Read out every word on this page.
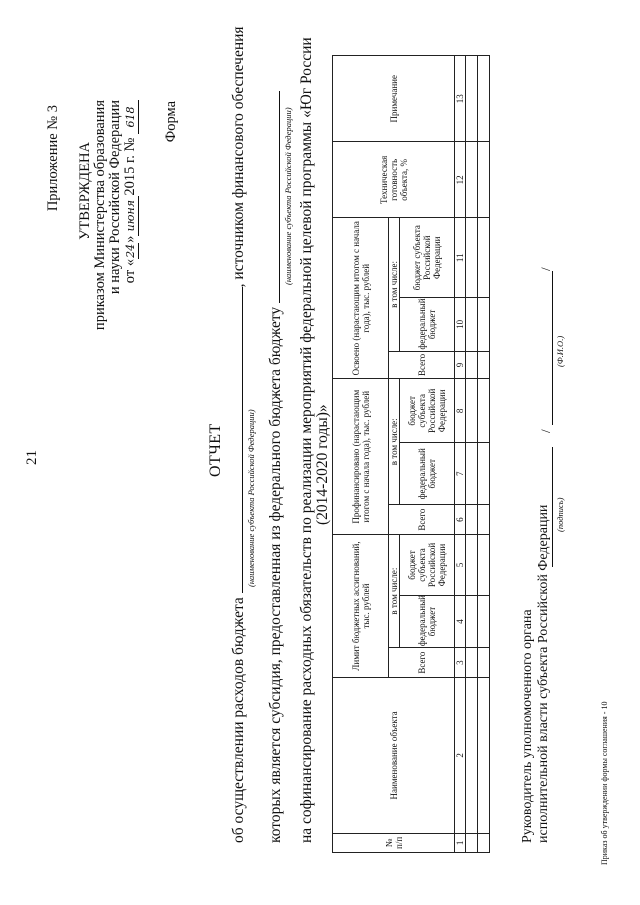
21
Приложение № 3 УТВЕРЖДЕНА приказом Министерства образования и науки Российской Федерации от «24»июня2015 г. № 618 Форма
ОТЧЕТ
об осуществлении расходов бюджета , источником финансового обеспечения
(наименование субъекта Российской Федерации) которых является субсидия, предоставленная из федерального бюджета бюджету
(наименование субъекта Российской Федерации) на софинансирование расходных обязательств по реализации мероприятий федеральной целевой программы «Юг России (2014-2020 годы)»
№ п/п	Наименование объекта	Лимит бюджетных ассигнований, тыс. рублей			Профинансировано (нарастающим итогом с начала года), тыс. рублей			Освоено (нарастающим итогом с начала года), тыс. рублей			Техническая готовность объекта, %	Примечание
		Всего	в том числе:		Всего	в том числе:		Всего	в том числе:			
			федеральный бюджет	бюджет субъекта Российской Федерации		федеральный бюджет	бюджет субъекта Российской Федерации		федеральный бюджет	бюджет субъекта Российской Федерации		
1	2	3	4	5	6	7	8	9	10	11	12	13

Руководитель уполномоченного органа исполнительной власти субъекта Российской Федерации (подпись)
/
/
(Ф.И.О.)
Приказ об утверждении формы соглашения - 10
